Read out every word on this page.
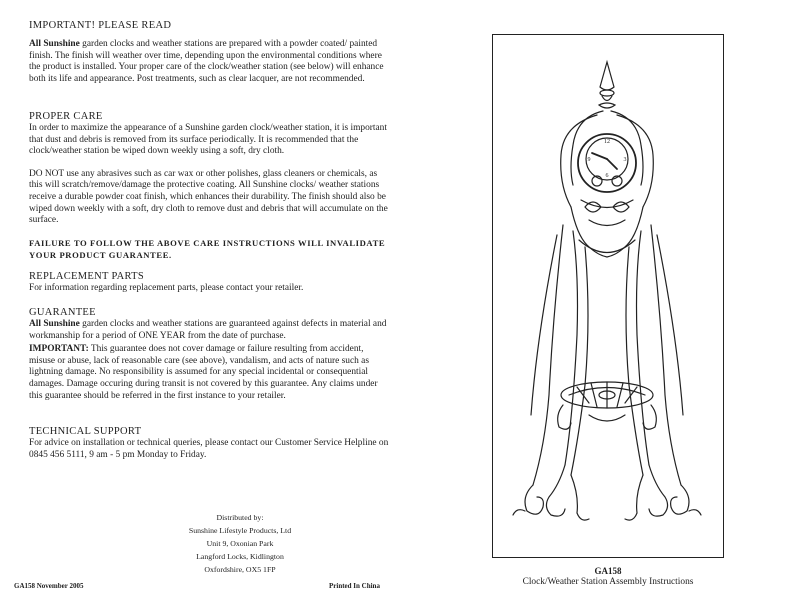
IMPORTANT! PLEASE READ

All Sunshine garden clocks and weather stations are prepared with a powder coated/ painted finish. The finish will weather over time, depending upon the environmental conditions where the product is installed. Your proper care of the clock/weather station (see below) will enhance both its life and appearance. Post treatments, such as clear lacquer, are not recommended.

PROPER CARE

In order to maximize the appearance of a Sunshine garden clock/weather station, it is important that dust and debris is removed from its surface periodically. It is recommended that the clock/weather station be wiped down weekly using a soft, dry cloth.

DO NOT use any abrasives such as car wax or other polishes, glass cleaners or chemicals, as this will scratch/remove/damage the protective coating. All Sunshine clocks/ weather stations receive a durable powder coat finish, which enhances their durability. The finish should also be wiped down weekly with a soft, dry cloth to remove dust and debris that will accumulate on the surface.

FAILURE TO FOLLOW THE ABOVE CARE INSTRUCTIONS WILL INVALIDATE YOUR PRODUCT GUARANTEE.

REPLACEMENT PARTS

For information regarding replacement parts, please contact your retailer.

GUARANTEE

All Sunshine garden clocks and weather stations are guaranteed against defects in material and workmanship for a period of ONE YEAR from the date of purchase.

IMPORTANT: This guarantee does not cover damage or failure resulting from accident, misuse or abuse, lack of reasonable care (see above), vandalism, and acts of nature such as lightning damage. No responsibility is assumed for any special incidental or consequential damages. Damage occuring during transit is not covered by this guarantee. Any claims under this guarantee should be referred in the first instance to your retailer.

TECHNICAL SUPPORT

For advice on installation or technical queries, please contact our Customer Service Helpline on 0845 456 5111, 9 am - 5 pm Monday to Friday.

Distributed by:
Sunshine Lifestyle Products, Ltd
Unit 9, Oxonian Park
Langford Locks, Kidlington
Oxfordshire, OX5 1FP
GA158 November 2005	Printed In China
12
3
6
9
GA158
Clock/Weather Station Assembly Instructions
